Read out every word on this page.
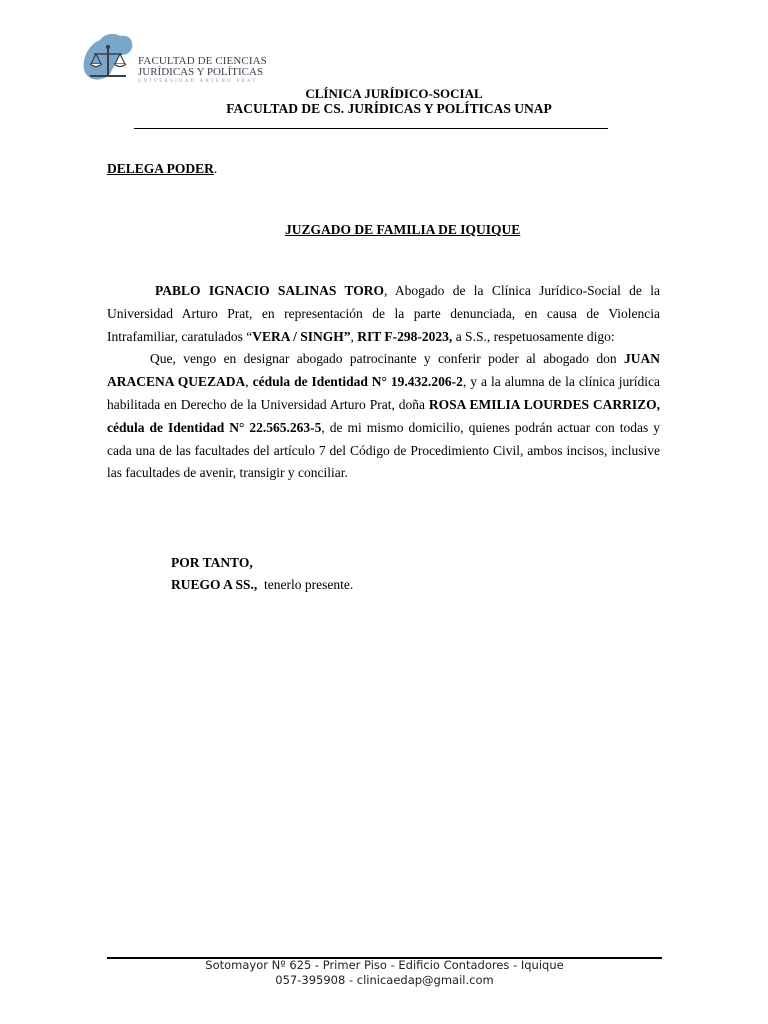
FACULTAD DE CIENCIAS
JURÍDICAS Y POLÍTICAS
UNIVERSIDAD ARTURO PRAT
CLÍNICA JURÍDICO-SOCIAL
FACULTAD DE CS. JURÍDICAS Y POLÍTICAS UNAP
DELEGA PODER.
JUZGADO DE FAMILIA DE IQUIQUE

PABLO IGNACIO SALINAS TORO, Abogado de la Clínica Jurídico-Social de la Universidad Arturo Prat, en representación de la parte denunciada, en causa de Violencia Intrafamiliar, caratulados “VERA / SINGH”, RIT F-298-2023, a S.S., respetuosamente digo:

Que, vengo en designar abogado patrocinante y conferir poder al abogado don JUAN ARACENA QUEZADA, cédula de Identidad N° 19.432.206-2, y a la alumna de la clínica jurídica habilitada en Derecho de la Universidad Arturo Prat, doña ROSA EMILIA LOURDES CARRIZO, cédula de Identidad N° 22.565.263-5, de mi mismo domicilio, quienes podrán actuar con todas y cada una de las facultades del artículo 7 del Código de Procedimiento Civil, ambos incisos, inclusive las facultades de avenir, transigir y conciliar.

POR TANTO,
RUEGO A SS.,  tenerlo presente.
Sotomayor Nº 625 - Primer Piso - Edificio Contadores - Iquique
057-395908 - clinicaedap@gmail.com
